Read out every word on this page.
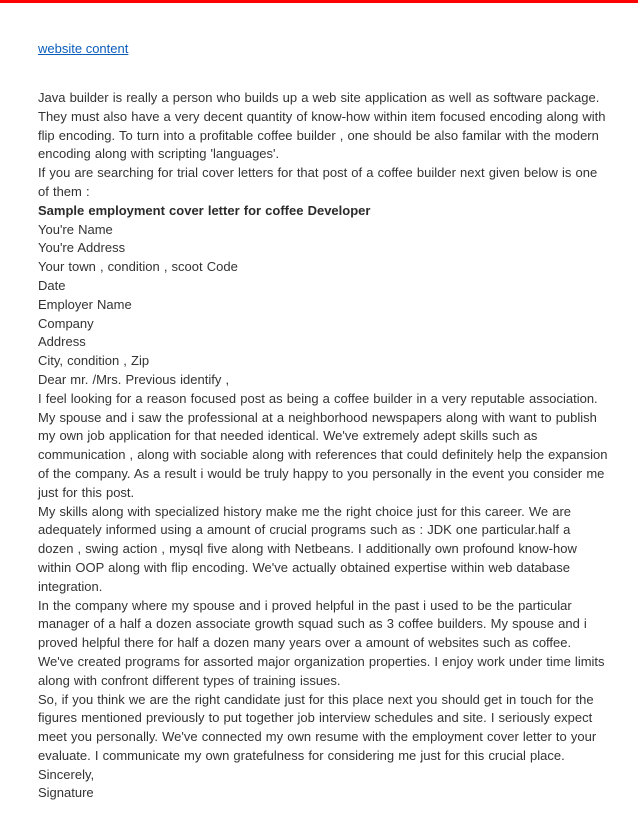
website content
Java builder is really a person who builds up a web site application as well as software package. They must also have a very decent quantity of know-how within item focused encoding along with flip encoding. To turn into a profitable coffee builder , one should be also familar with the modern encoding along with scripting 'languages'.
If you are searching for trial cover letters for that post of a coffee builder next given below is one of them :
Sample employment cover letter for coffee Developer
You're Name
You're Address
Your town , condition , scoot Code
Date
Employer Name
Company
Address
City, condition , Zip
Dear mr. /Mrs. Previous identify ,
I feel looking for a reason focused post as being a coffee builder in a very reputable association. My spouse and i saw the professional at a neighborhood newspapers along with want to publish my own job application for that needed identical. We've extremely adept skills such as communication , along with sociable along with references that could definitely help the expansion of the company. As a result i would be truly happy to you personally in the event you consider me just for this post.
My skills along with specialized history make me the right choice just for this career. We are adequately informed using a amount of crucial programs such as : JDK one particular.half a dozen , swing action , mysql five along with Netbeans. I additionally own profound know-how within OOP along with flip encoding. We've actually obtained expertise within web database integration.
In the company where my spouse and i proved helpful in the past i used to be the particular manager of a half a dozen associate growth squad such as 3 coffee builders. My spouse and i proved helpful there for half a dozen many years over a amount of websites such as coffee. We've created programs for assorted major organization properties. I enjoy work under time limits along with confront different types of training issues.
So, if you think we are the right candidate just for this place next you should get in touch for the figures mentioned previously to put together job interview schedules and site. I seriously expect meet you personally. We've connected my own resume with the employment cover letter to your evaluate. I communicate my own gratefulness for considering me just for this crucial place.
Sincerely,
Signature
